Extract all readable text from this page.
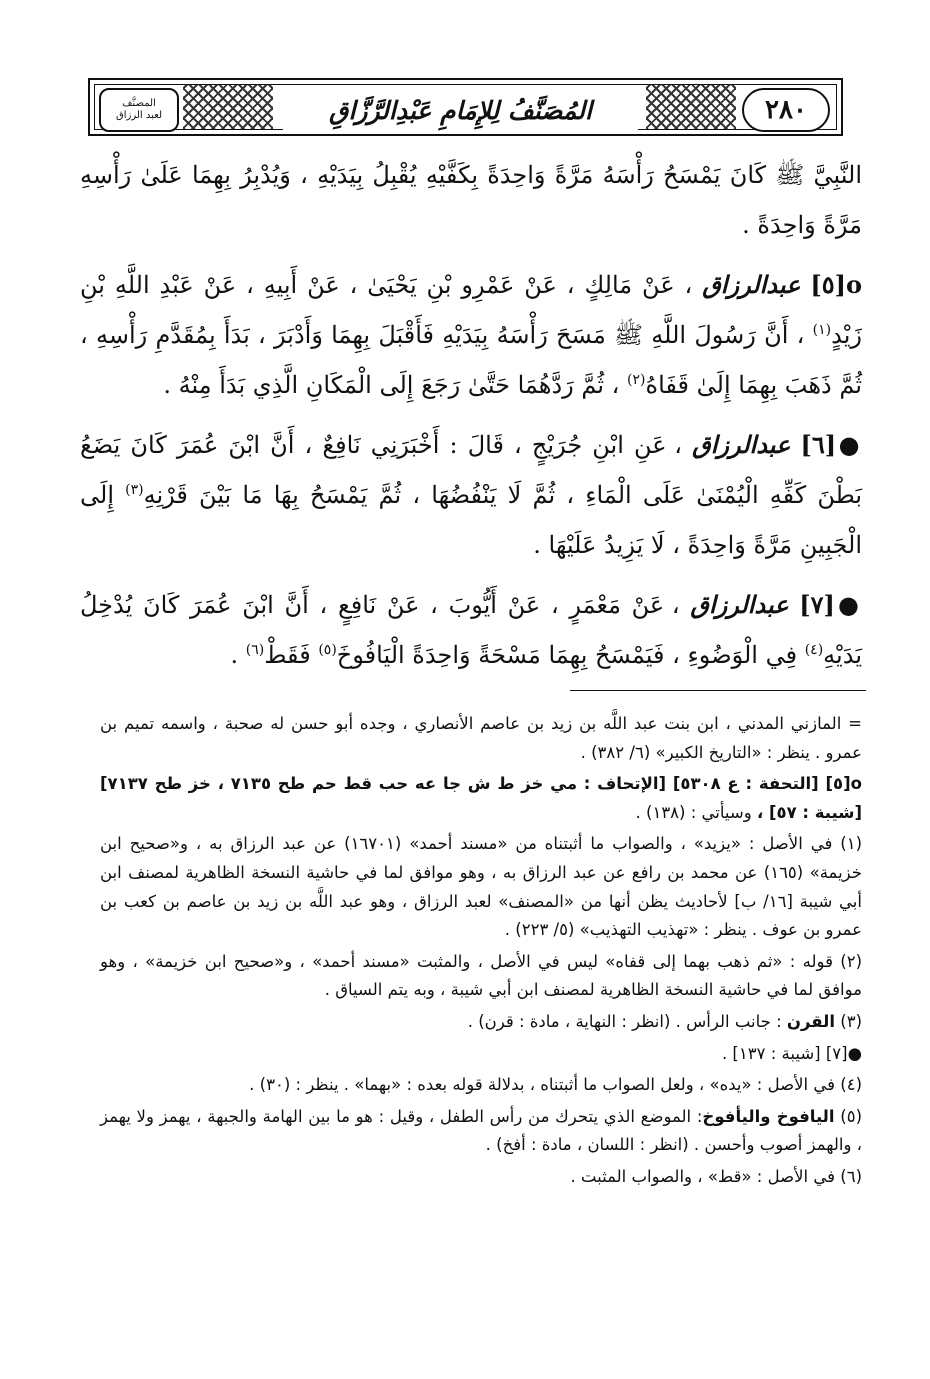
المصنَّف
لعبد الرزاق	المُصَنَّفُ لِلإِمَامِ عَبْدِالرَّزَّاقِ	٢٨٠

النَّبِيَّ ﷺ كَانَ يَمْسَحُ رَأْسَهُ مَرَّةً وَاحِدَةً بِكَفَّيْهِ يُقْبِلُ بِيَدَيْهِ ، وَيُدْبِرُ بِهِمَا عَلَىٰ رَأْسِهِ مَرَّةً وَاحِدَةً .

ο[٥] عبدالرزاق ، عَنْ مَالِكٍ ، عَنْ عَمْرِو بْنِ يَحْيَىٰ ، عَنْ أَبِيهِ ، عَنْ عَبْدِ اللَّهِ بْنِ زَيْدٍ$^{(١)}$ ، أَنَّ رَسُولَ اللَّهِ ﷺ مَسَحَ رَأْسَهُ بِيَدَيْهِ فَأَقْبَلَ بِهِمَا وَأَدْبَرَ ، بَدَأَ بِمُقَدَّمِ رَأْسِهِ ، ثُمَّ ذَهَبَ بِهِمَا إِلَىٰ قَفَاهُ$^{(٢)}$ ، ثُمَّ رَدَّهُمَا حَتَّىٰ رَجَعَ إِلَى الْمَكَانِ الَّذِي بَدَأَ مِنْهُ .

●[٦] عبدالرزاق ، عَنِ ابْنِ جُرَيْجٍ ، قَالَ : أَخْبَرَنِي نَافِعٌ ، أَنَّ ابْنَ عُمَرَ كَانَ يَضَعُ بَطْنَ كَفِّهِ الْيُمْنَىٰ عَلَى الْمَاءِ ، ثُمَّ لَا يَنْفُضُهَا ، ثُمَّ يَمْسَحُ بِهَا مَا بَيْنَ قَرْنِهِ$^{(٣)}$ إِلَى الْجَبِينِ مَرَّةً وَاحِدَةً ، لَا يَزِيدُ عَلَيْهَا .

●[٧] عبدالرزاق ، عَنْ مَعْمَرٍ ، عَنْ أَيُّوبَ ، عَنْ نَافِعٍ ، أَنَّ ابْنَ عُمَرَ كَانَ يُدْخِلُ يَدَيْهِ$^{(٤)}$ فِي الْوَضُوءِ ، فَيَمْسَحُ بِهِمَا مَسْحَةً وَاحِدَةً الْيَافُوخَ$^{(٥)}$ فَقَطْ$^{(٦)}$ .

= المازني المدني ، ابن بنت عبد اللَّه بن زيد بن عاصم الأنصاري ، وجده أبو حسن له صحبة ، واسمه تميم بن عمرو . ينظر : «التاريخ الكبير» (٦/ ٣٨٢) .

ο[٥] [التحفة : ع ٥٣٠٨] [الإتحاف : مي خز ط ش جا عه حب قط حم طح ٧١٣٥ ، خز طح ٧١٣٧] [شيبة : ٥٧] ، وسيأتي : (١٣٨) .

(١) في الأصل : «يزيد» ، والصواب ما أثبتناه من «مسند أحمد» (١٦٧٠١) عن عبد الرزاق به ، و«صحيح ابن خزيمة» (١٦٥) عن محمد بن رافع عن عبد الرزاق به ، وهو موافق لما في حاشية النسخة الظاهرية لمصنف ابن أبي شيبة [١٦/ ب] لأحاديث يظن أنها من «المصنف» لعبد الرزاق ، وهو عبد اللَّه بن زيد بن عاصم بن كعب بن عمرو بن عوف . ينظر : «تهذيب التهذيب» (٥/ ٢٢٣) .

(٢) قوله : «ثم ذهب بهما إلى قفاه» ليس في الأصل ، والمثبت «مسند أحمد» ، و«صحيح ابن خزيمة» ، وهو موافق لما في حاشية النسخة الظاهرية لمصنف ابن أبي شيبة ، وبه يتم السياق .

(٣) القرن : جانب الرأس . (انظر : النهاية ، مادة : قرن) .

●[٧] [شيبة : ١٣٧] .

(٤) في الأصل : «يده» ، ولعل الصواب ما أثبتناه ، بدلالة قوله بعده : «بهما» . ينظر : (٣٠) .

(٥) اليافوخ واليأفوخ: الموضع الذي يتحرك من رأس الطفل ، وقيل : هو ما بين الهامة والجبهة ، يهمز ولا يهمز ، والهمز أصوب وأحسن . (انظر : اللسان ، مادة : أفخ) .

(٦) في الأصل : «قط» ، والصواب المثبت .
